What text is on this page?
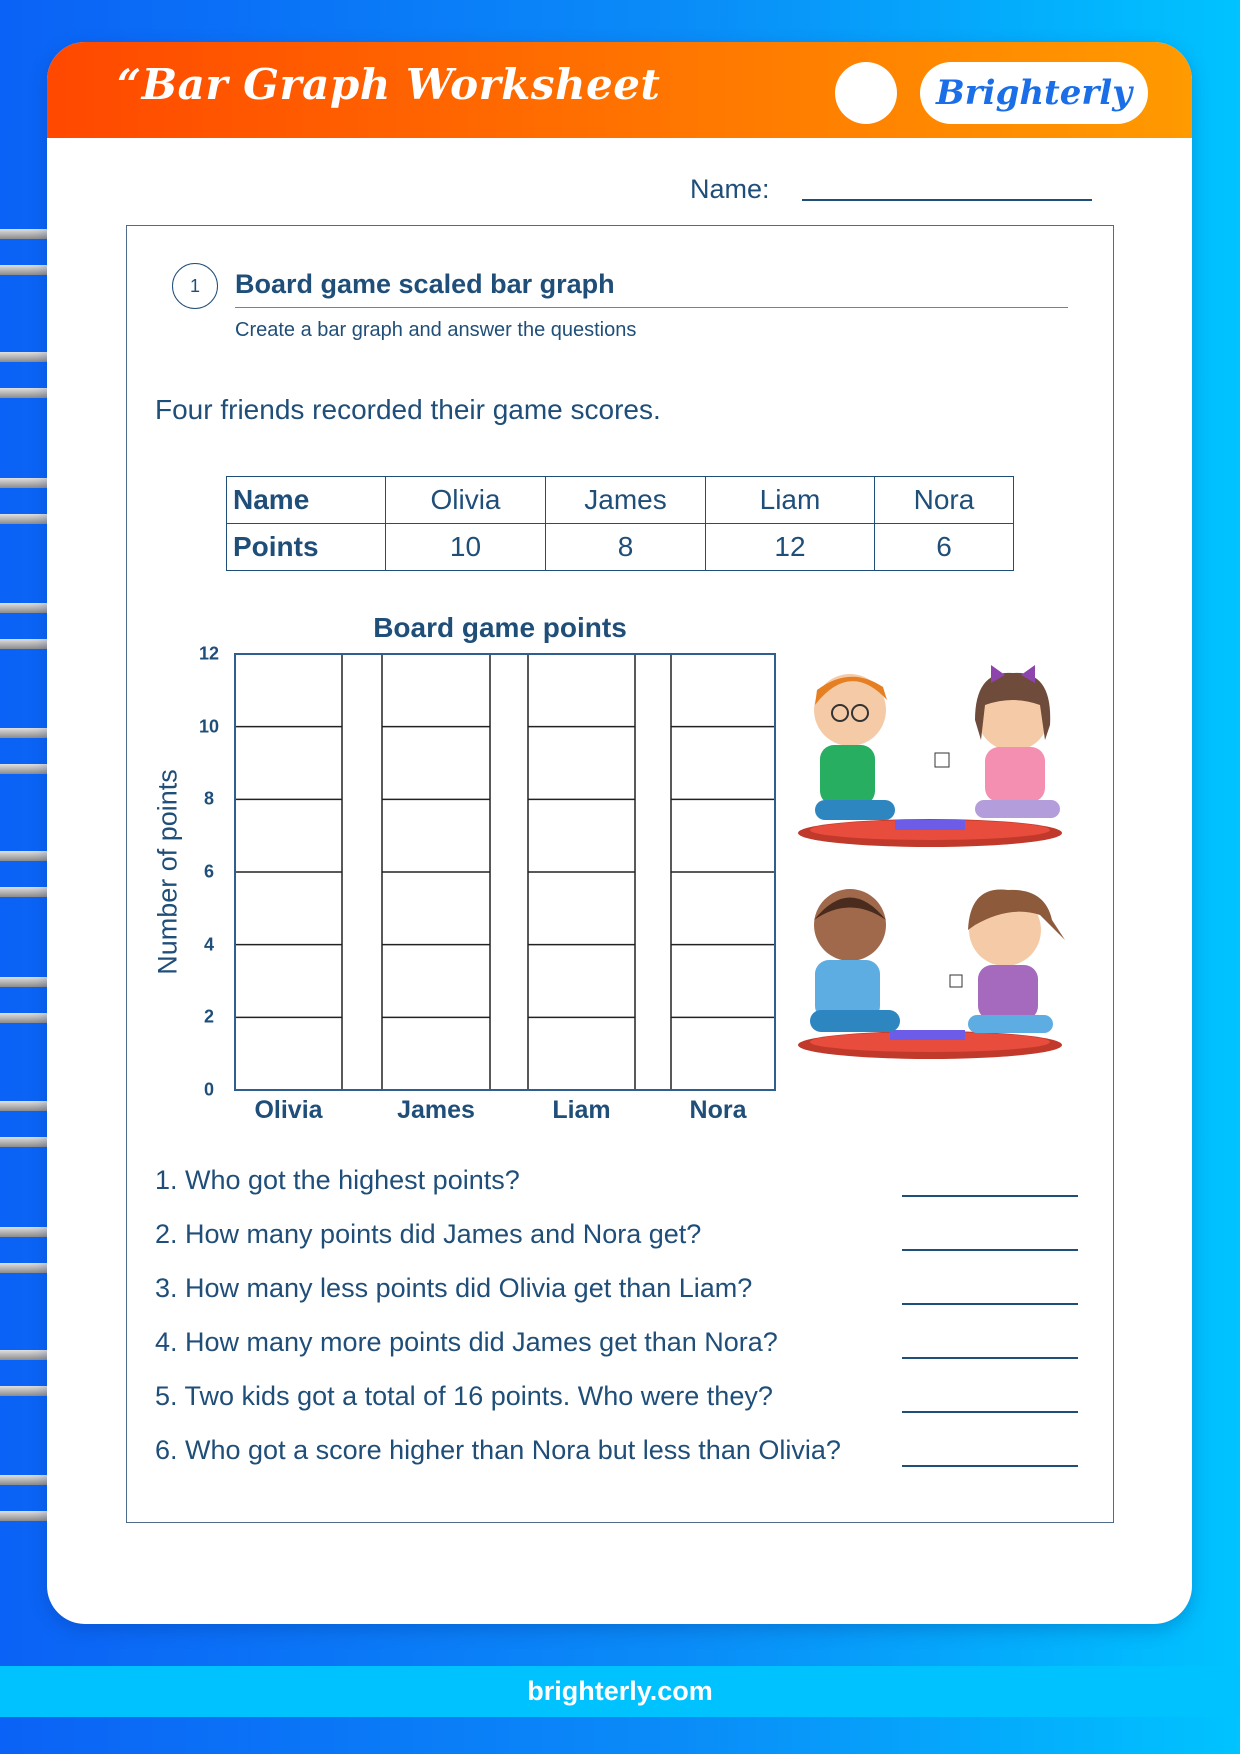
“Bar Graph Worksheet	Brighterly
Name:
1	Board game scaled bar graph
Create a bar graph and answer the questions
Four friends recorded their game scores.
Name	Olivia	James	Liam	Nora
Points	10	8	12	6
Board game points
Number of points
0
2
4
6
8
10
12
Olivia	James	Liam	Nora
1. Who got the highest points?
2. How many points did James and Nora get?
3. How many less points did Olivia get than Liam?
4. How many more points did James get than Nora?
5. Two kids got a total of 16 points. Who were they?
6. Who got a score higher than Nora but less than Olivia?
brighterly.com
